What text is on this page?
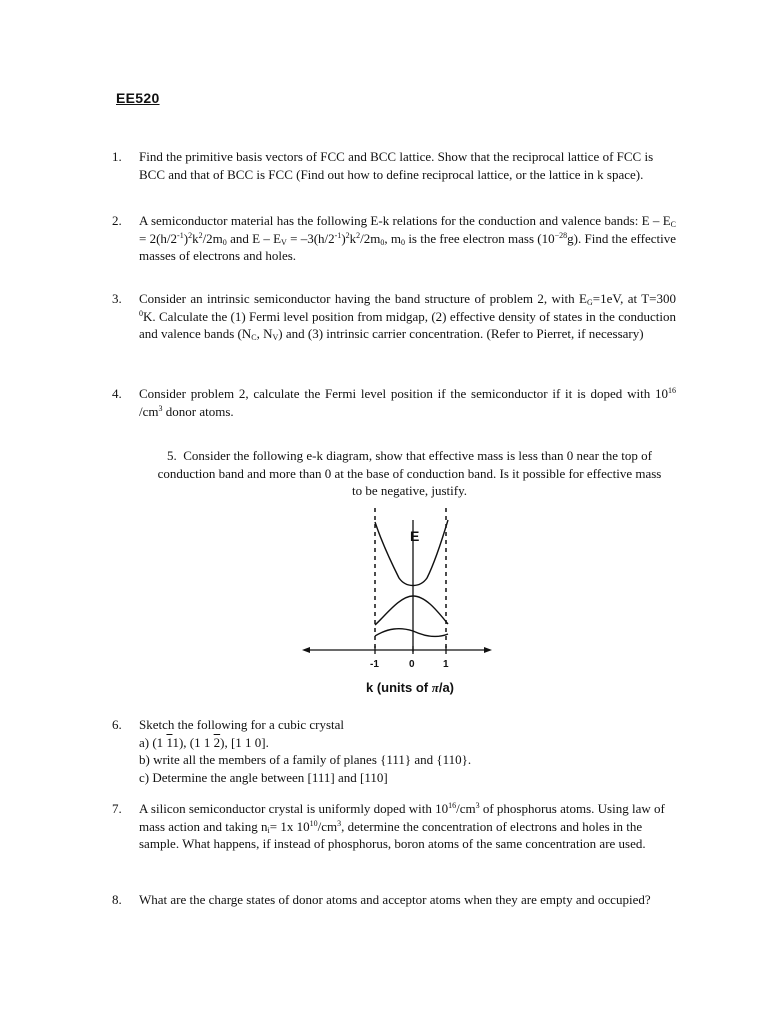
EE520
1. Find the primitive basis vectors of FCC and BCC lattice. Show that the reciprocal lattice of FCC is BCC and that of BCC is FCC (Find out how to define reciprocal lattice, or the lattice in k space).
2. A semiconductor material has the following E-k relations for the conduction and valence bands: $E - E_C = 2(h/2^{-1})^2k^2/2m_0$ and $E - E_V = -3(h/2^{-1})^2k^2/2m_0$, $m_0$ is the free electron mass $(10^{-28}g)$. Find the effective masses of electrons and holes.
3. Consider an intrinsic semiconductor having the band structure of problem 2, with $E_G=1eV$, at T=300 $^0$K. Calculate the (1) Fermi level position from midgap, (2) effective density of states in the conduction and valence bands ($N_C$, $N_V$) and (3) intrinsic carrier concentration. (Refer to Pierret, if necessary)
4. Consider problem 2, calculate the Fermi level position if the semiconductor if it is doped with $10^{16}$ $/cm^3$ donor atoms.
5. Consider the following e-k diagram, show that effective mass is less than 0 near the top of conduction band and more than 0 at the base of conduction band. Is it possible for effective mass to be negative, justify.
E
-1	0	1
k (units of π/a)
6. Sketch the following for a cubic crystal
a) (1 11), (1 1 2), [1 1 0].
b) write all the members of a family of planes {111} and {110}.
c) Determine the angle between [111] and [110]
7. A silicon semiconductor crystal is uniformly doped with $10^{16}/cm^3$ of phosphorus atoms. Using law of mass action and taking $n_i= 1x$ $10^{10}/cm^3$, determine the concentration of electrons and holes in the sample. What happens, if instead of phosphorus, boron atoms of the same concentration are used.
8. What are the charge states of donor atoms and acceptor atoms when they are empty and occupied?
